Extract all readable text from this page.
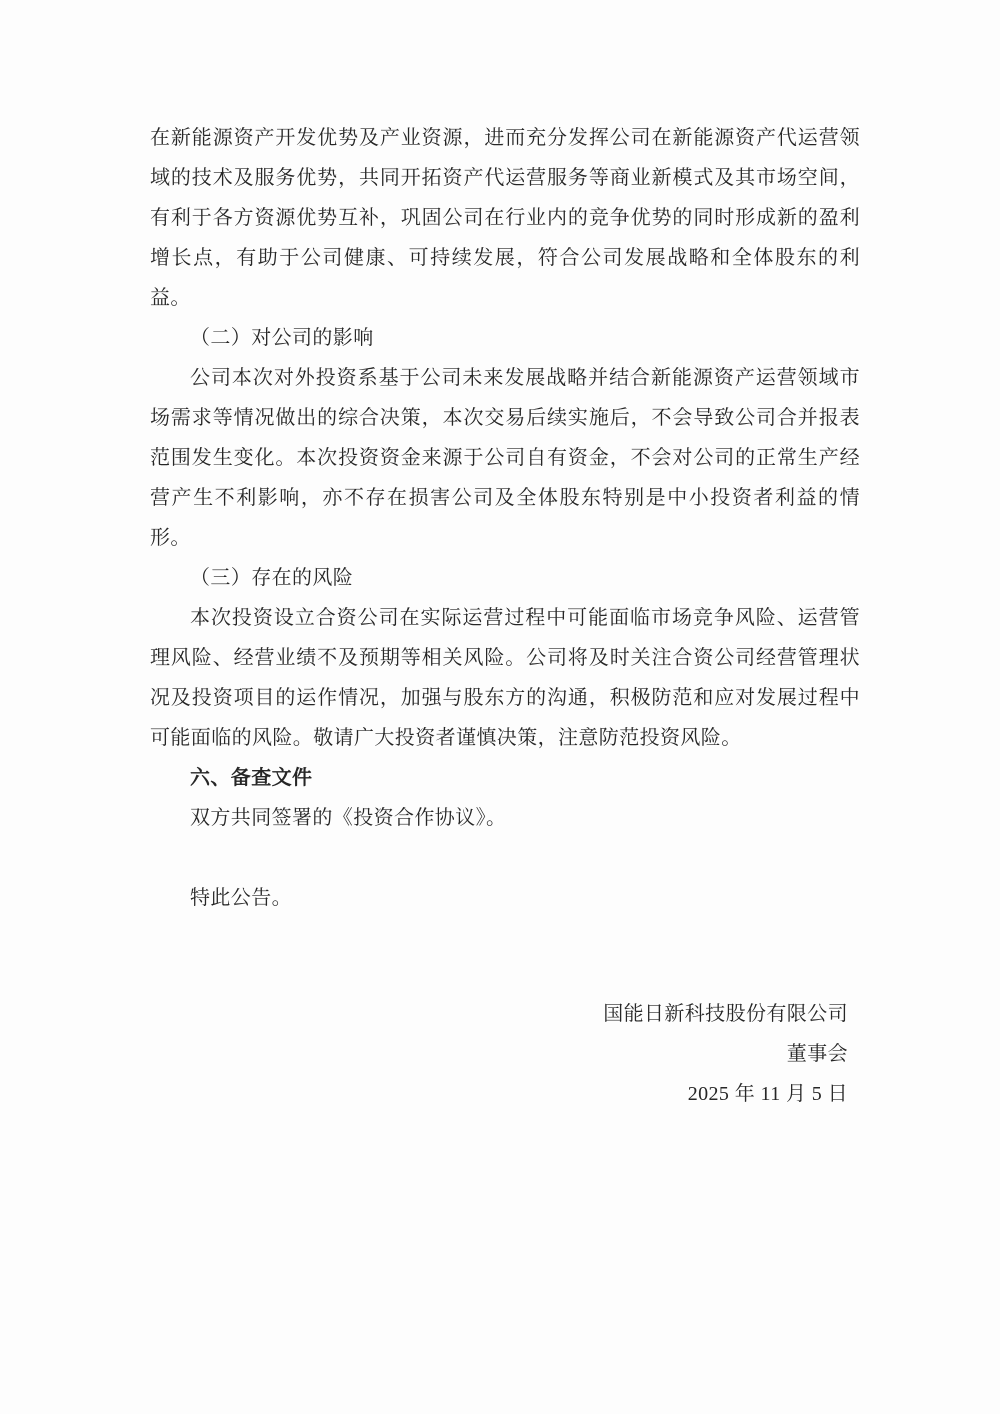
在新能源资产开发优势及产业资源，进而充分发挥公司在新能源资产代运营领域的技术及服务优势，共同开拓资产代运营服务等商业新模式及其市场空间，有利于各方资源优势互补，巩固公司在行业内的竞争优势的同时形成新的盈利增长点，有助于公司健康、可持续发展，符合公司发展战略和全体股东的利益。

（二）对公司的影响

公司本次对外投资系基于公司未来发展战略并结合新能源资产运营领域市场需求等情况做出的综合决策，本次交易后续实施后，不会导致公司合并报表范围发生变化。本次投资资金来源于公司自有资金，不会对公司的正常生产经营产生不利影响，亦不存在损害公司及全体股东特别是中小投资者利益的情形。

（三）存在的风险

本次投资设立合资公司在实际运营过程中可能面临市场竞争风险、运营管理风险、经营业绩不及预期等相关风险。公司将及时关注合资公司经营管理状况及投资项目的运作情况，加强与股东方的沟通，积极防范和应对发展过程中可能面临的风险。敬请广大投资者谨慎决策，注意防范投资风险。

六、备查文件

双方共同签署的《投资合作协议》。

特此公告。

国能日新科技股份有限公司
董事会
2025 年 11 月 5 日
